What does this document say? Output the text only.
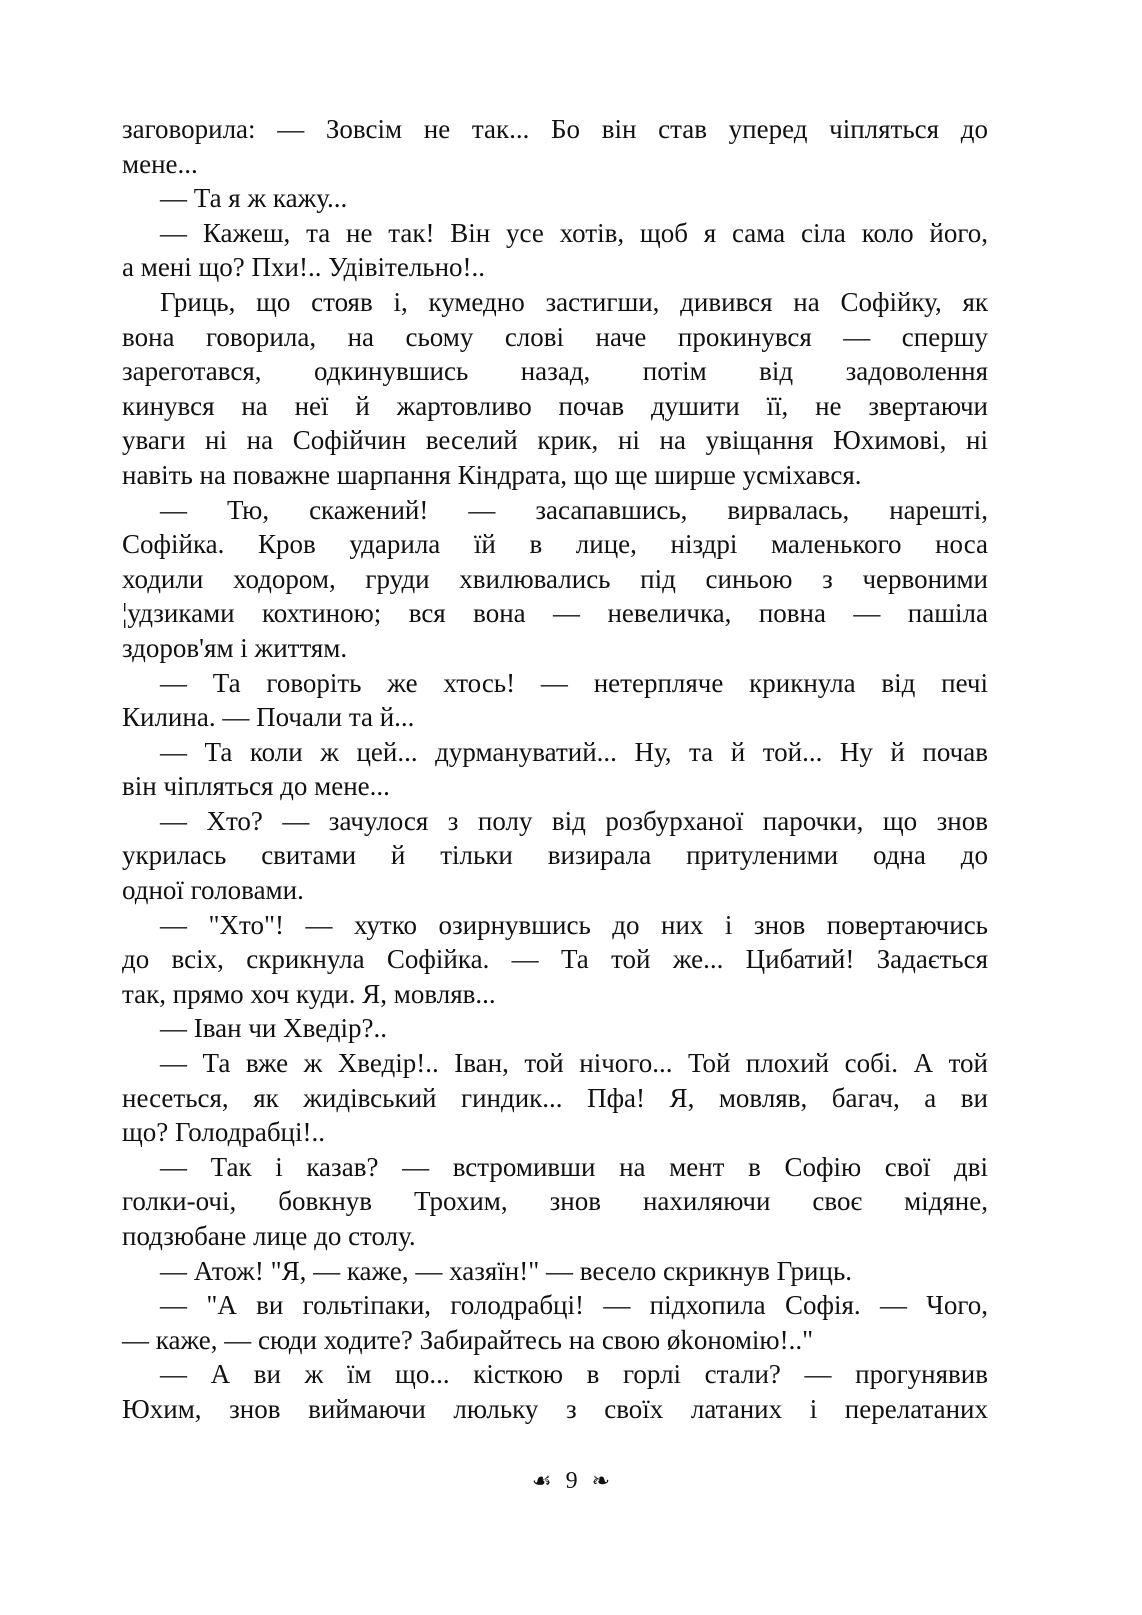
заговорила: — Зовсім не так... Бо він став уперед чіпляться до
мене...
— Та я ж кажу...
— Кажеш, та не так! Він усе хотів, щоб я сама сіла коло його,
а мені що? Пхи!.. Удівітельно!..
Гриць, що стояв і, кумедно застигши, дивився на Софійку, як
вона говорила, на сьому слові наче прокинувся — спершу
зареготався, одкинувшись назад, потім від задоволення
кинувся на неї й жартовливо почав душити її, не звертаючи
уваги ні на Софійчин веселий крик, ні на увіщання Юхимові, ні
навіть на поважне шарпання Кіндрата, що ще ширше усміхався.
— Тю, скажений! — засапавшись, вирвалась, нарешті,
Софійка. Кров ударила їй в лице, ніздрі маленького носа
ходили ходором, груди хвилювались під синьою з червоними
¦удзиками кохтиною; вся вона — невеличка, повна — пашіла
здоров'ям і життям.
— Та говоріть же хтось! — нетерпляче крикнула від печі
Килина. — Почали та й...
— Та коли ж цей... дурмануватий... Ну, та й той... Ну й почав
він чіпляться до мене...
— Хто? — зачулося з полу від розбурханої парочки, що знов
укрилась свитами й тільки визирала притуленими одна до
одної головами.
— "Хто"! — хутко озирнувшись до них і знов повертаючись
до всіх, скрикнула Софійка. — Та той же... Цибатий! Задається
так, прямо хоч куди. Я, мовляв...
— Іван чи Хведір?..
— Та вже ж Хведір!.. Іван, той нічого... Той плохий собі. А той
несеться, як жидівський гиндик... Пфа! Я, мовляв, багач, а ви
що? Голодрабці!..
— Так і казав? — встромивши на мент в Софію свої дві
голки-очі, бовкнув Трохим, знов нахиляючи своє мідяне,
подзюбане лице до столу.
— Атож! "Я, — каже, — хазяїн!" — весело скрикнув Гриць.
— "А ви гольтіпаки, голодрабці! — підхопила Софія. — Чого,
— каже, — сюди ходите? Забирайтесь на свою økономію!.."
— А ви ж їм що... кісткою в горлі стали? — прогунявив
Юхим, знов виймаючи люльку з своїх латаних і перелатаних
☙ 9 ❧
